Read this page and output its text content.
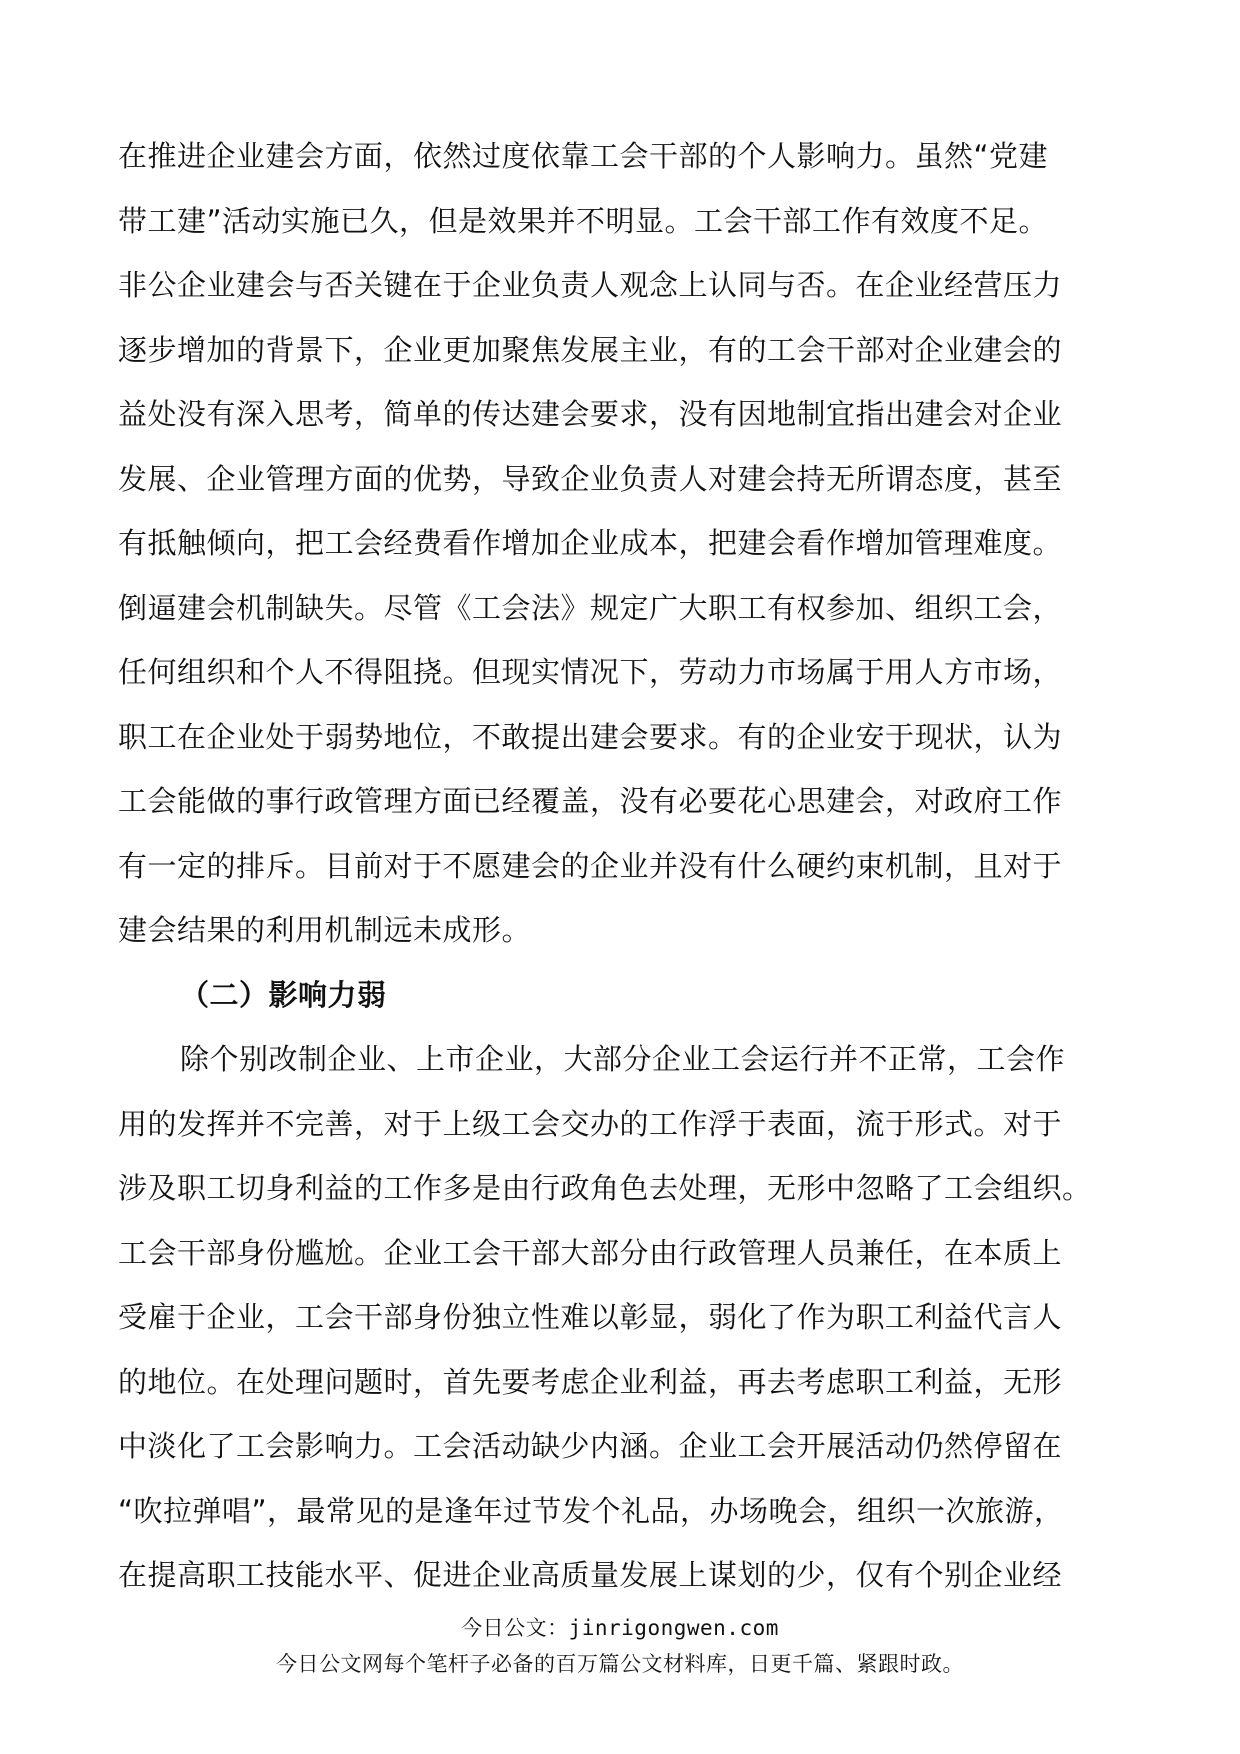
在推进企业建会方面，依然过度依靠工会干部的个人影响力。虽然“党建
带工建”活动实施已久，但是效果并不明显。工会干部工作有效度不足。
非公企业建会与否关键在于企业负责人观念上认同与否。在企业经营压力
逐步增加的背景下，企业更加聚焦发展主业，有的工会干部对企业建会的
益处没有深入思考，简单的传达建会要求，没有因地制宜指出建会对企业
发展、企业管理方面的优势，导致企业负责人对建会持无所谓态度，甚至
有抵触倾向，把工会经费看作增加企业成本，把建会看作增加管理难度。
倒逼建会机制缺失。尽管《工会法》规定广大职工有权参加、组织工会，
任何组织和个人不得阻挠。但现实情况下，劳动力市场属于用人方市场，
职工在企业处于弱势地位，不敢提出建会要求。有的企业安于现状，认为
工会能做的事行政管理方面已经覆盖，没有必要花心思建会，对政府工作
有一定的排斥。目前对于不愿建会的企业并没有什么硬约束机制，且对于
建会结果的利用机制远未成形。
（二）影响力弱
除个别改制企业、上市企业，大部分企业工会运行并不正常，工会作
用的发挥并不完善，对于上级工会交办的工作浮于表面，流于形式。对于
涉及职工切身利益的工作多是由行政角色去处理，无形中忽略了工会组织。
工会干部身份尴尬。企业工会干部大部分由行政管理人员兼任，在本质上
受雇于企业，工会干部身份独立性难以彰显，弱化了作为职工利益代言人
的地位。在处理问题时，首先要考虑企业利益，再去考虑职工利益，无形
中淡化了工会影响力。工会活动缺少内涵。企业工会开展活动仍然停留在
“吹拉弹唱”，最常见的是逢年过节发个礼品，办场晚会，组织一次旅游，
在提高职工技能水平、促进企业高质量发展上谋划的少，仅有个别企业经
今日公文：jinrigongwen.com
今日公文网每个笔杆子必备的百万篇公文材料库，日更千篇、紧跟时政。
